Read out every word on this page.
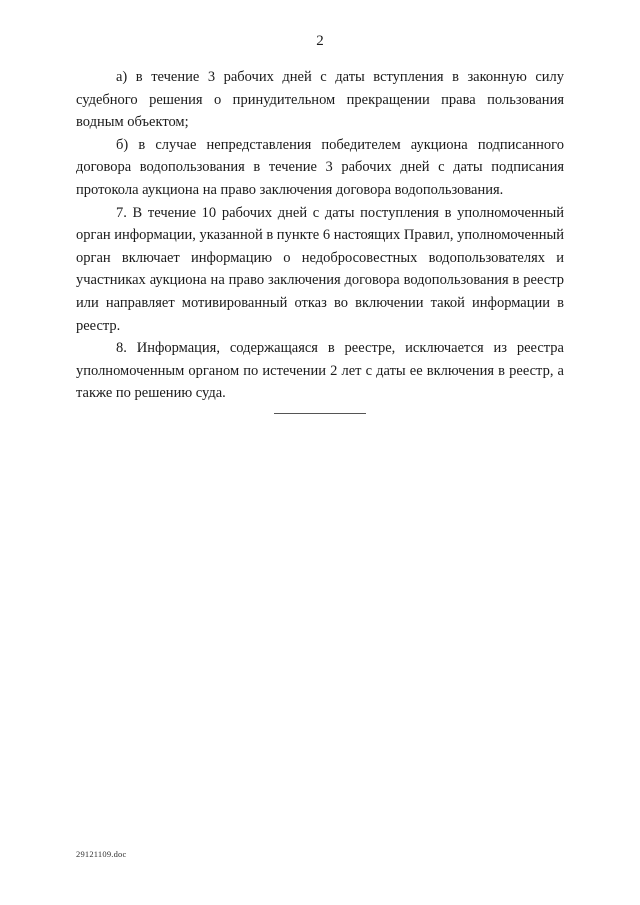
2

а) в течение 3 рабочих дней с даты вступления в законную силу судебного решения о принудительном прекращении права пользования водным объектом;

б) в случае непредставления победителем аукциона подписанного договора водопользования в течение 3 рабочих дней с даты подписания протокола аукциона на право заключения договора водопользования.

7. В течение 10 рабочих дней с даты поступления в уполномоченный орган информации, указанной в пункте 6 настоящих Правил, уполномоченный орган включает информацию о недобросовестных водопользователях и участниках аукциона на право заключения договора водопользования в реестр или направляет мотивированный отказ во включении такой информации в реестр.

8. Информация, содержащаяся в реестре, исключается из реестра уполномоченным органом по истечении 2 лет с даты ее включения в реестр, а также по решению суда.

29121109.doc
